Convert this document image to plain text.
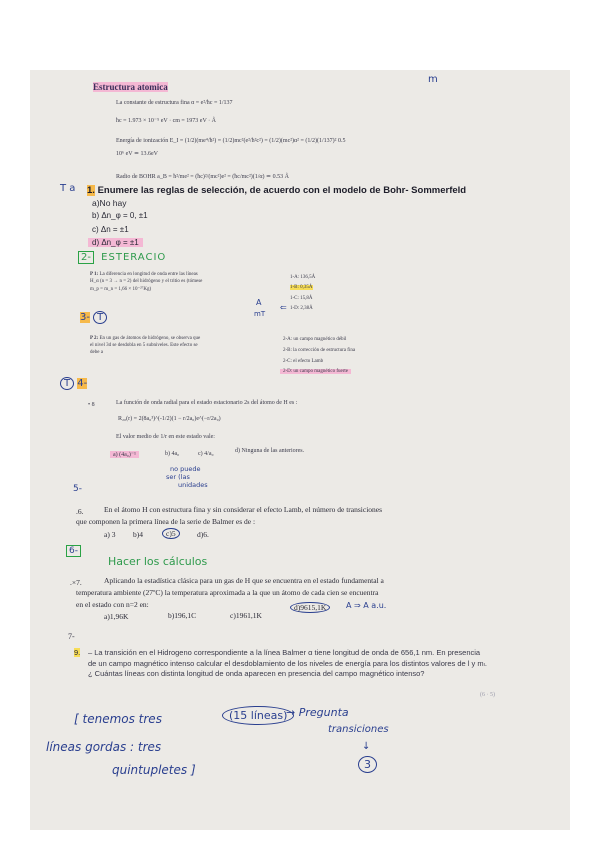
m
Estructura atomica
La constante de estructura fina α = e²/ħc = 1/137
ħc = 1.973 × 10⁻⁵ eV · cm = 1973 eV · Å
Energía de ionización E_I = (1/2)(me⁴/ħ²) = (1/2)mc²(e²/ħ²c²) = (1/2)(mc²)α² = (1/2)(1/137)² 0.5
10⁶ eV ≃ 13.6eV
Radio de BOHR a_B = ħ²/me² = (ħc)²/(mc²)e² = (ħc/mc²)(1/α) ≃ 0.53 Å
T a 1. Enumere las reglas de selección, de acuerdo con el modelo de Bohr- Sommerfeld
a)No hay
b) Δn_φ = 0, ±1
c) Δn = ±1
d) Δn_φ = ±1
2- ESTERACIO
P 1: La diferencia en longitud de onda entre las líneas
H_α (n = 3 → n = 2) del hidrógeno y el tritio es (tómese
m_p = m_n = 1,66 × 10⁻²⁷Kg)
1-A: 136,5Å
1-B: 0,35Å
1-C: 15,8Å
1-D: 2,38Å
A
mT
⇐
3- T
P 2: En un gas de átomos de hidrógeno, se observa que
el nivel 3d se desdobla en 5 subniveles. Este efecto se
debe a
2-A: un campo magnético débil
2-B: la corrección de estructura fina
2-C: el efecto Lamb
2-D: un campo magnético fuerte
T 4-
• 8	La función de onda radial para el estado estacionario 2s del átomo de H es :
R₂₀(r) = 2(8a₀³)^(-1/2)(1 − r/2a₀)e^(−r/2a₀)
El valor medio de 1/r en este estado vale:
a) (4a₀)⁻¹	b) 4a₀	c) 4/a₀	d) Ninguna de las anteriores.
no puede
ser (las
unidades
5-
.6.	En el átomo H con estructura fina y sin considerar el efecto Lamb, el número de transiciones
que componen la primera línea de la serie de Balmer es de :
a) 3 b)4	c)5	d)6.
6-
Hacer los cálculos
.×7.	Aplicando la estadística clásica para un gas de H que se encuentra en el estado fundamental a
temperatura ambiente (27ºC) la temperatura aproximada a la que un átomo de cada cien se encuentra
en el estado con n=2 en:
a)1,96K	b)196,1C	c)1961,1K
d)9615,1K	A ⇒ A a.u.
7-
9. – La transición en el Hidrogeno correspondiente a la línea Balmer α tiene longitud de onda de 656,1 nm. En presencia de un campo magnético intenso calcular el desdoblamiento de los niveles de energía para los distintos valores de l y mₗ. ¿ Cuántas líneas con distinta longitud de onda aparecen en presencia del campo magnético intenso?
(6 · 5)
[ tenemos tres
líneas gordas : tres
quintupletes ]
(15 líneas)
→ Pregunta
transiciones
↓
3
